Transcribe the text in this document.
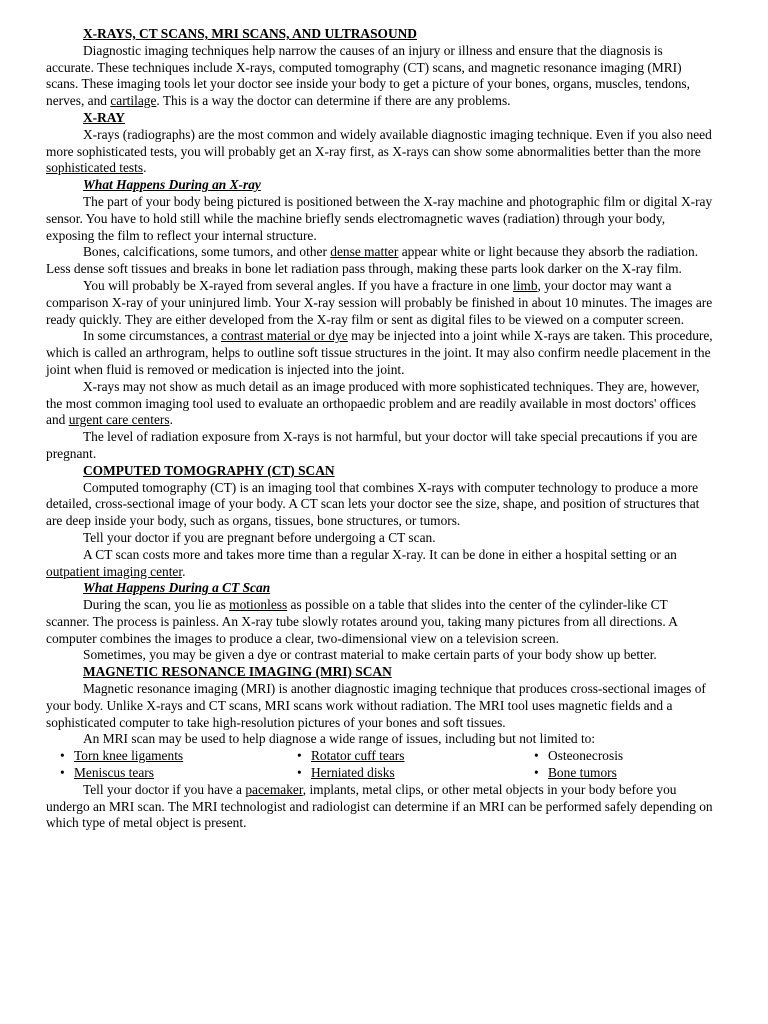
X-RAYS, CT SCANS, MRI SCANS, AND ULTRASOUND

Diagnostic imaging techniques help narrow the causes of an injury or illness and ensure that the diagnosis is accurate. These techniques include X-rays, computed tomography (CT) scans, and magnetic resonance imaging (MRI) scans. These imaging tools let your doctor see inside your body to get a picture of your bones, organs, muscles, tendons, nerves, and cartilage. This is a way the doctor can determine if there are any problems.

X-RAY

X-rays (radiographs) are the most common and widely available diagnostic imaging technique. Even if you also need more sophisticated tests, you will probably get an X-ray first, as X-rays can show some abnormalities better than the more sophisticated tests.

What Happens During an X-ray

The part of your body being pictured is positioned between the X-ray machine and photographic film or digital X-ray sensor. You have to hold still while the machine briefly sends electromagnetic waves (radiation) through your body, exposing the film to reflect your internal structure.

Bones, calcifications, some tumors, and other dense matter appear white or light because they absorb the radiation. Less dense soft tissues and breaks in bone let radiation pass through, making these parts look darker on the X-ray film.

You will probably be X-rayed from several angles. If you have a fracture in one limb, your doctor may want a comparison X-ray of your uninjured limb. Your X-ray session will probably be finished in about 10 minutes. The images are ready quickly. They are either developed from the X-ray film or sent as digital files to be viewed on a computer screen.

In some circumstances, a contrast material or dye may be injected into a joint while X-rays are taken. This procedure, which is called an arthrogram, helps to outline soft tissue structures in the joint. It may also confirm needle placement in the joint when fluid is removed or medication is injected into the joint.

X-rays may not show as much detail as an image produced with more sophisticated techniques. They are, however, the most common imaging tool used to evaluate an orthopaedic problem and are readily available in most doctors' offices and urgent care centers.

The level of radiation exposure from X-rays is not harmful, but your doctor will take special precautions if you are pregnant.

COMPUTED TOMOGRAPHY (CT) SCAN

Computed tomography (CT) is an imaging tool that combines X-rays with computer technology to produce a more detailed, cross-sectional image of your body. A CT scan lets your doctor see the size, shape, and position of structures that are deep inside your body, such as organs, tissues, bone structures, or tumors.

Tell your doctor if you are pregnant before undergoing a CT scan.

A CT scan costs more and takes more time than a regular X-ray. It can be done in either a hospital setting or an outpatient imaging center.

What Happens During a CT Scan

During the scan, you lie as motionless as possible on a table that slides into the center of the cylinder-like CT scanner. The process is painless. An X-ray tube slowly rotates around you, taking many pictures from all directions. A computer combines the images to produce a clear, two-dimensional view on a television screen.

Sometimes, you may be given a dye or contrast material to make certain parts of your body show up better.

MAGNETIC RESONANCE IMAGING (MRI) SCAN

Magnetic resonance imaging (MRI) is another diagnostic imaging technique that produces cross-sectional images of your body. Unlike X-rays and CT scans, MRI scans work without radiation. The MRI tool uses magnetic fields and a sophisticated computer to take high-resolution pictures of your bones and soft tissues.

An MRI scan may be used to help diagnose a wide range of issues, including but not limited to:

• Torn knee ligaments	• Rotator cuff tears	• Osteonecrosis
• Meniscus tears	• Herniated disks	• Bone tumors

Tell your doctor if you have a pacemaker, implants, metal clips, or other metal objects in your body before you undergo an MRI scan. The MRI technologist and radiologist can determine if an MRI can be performed safely depending on which type of metal object is present.
